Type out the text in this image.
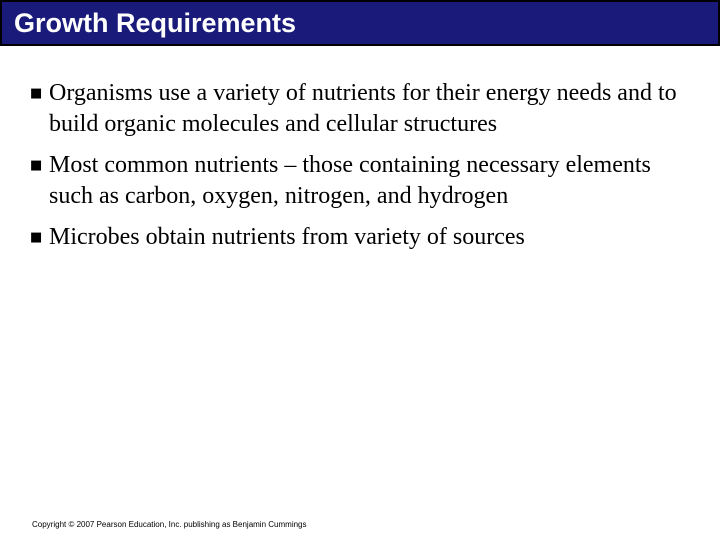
Growth Requirements
■ Organisms use a variety of nutrients for their energy needs and to build organic molecules and cellular structures
■ Most common nutrients – those containing necessary elements such as carbon, oxygen, nitrogen, and hydrogen
■ Microbes obtain nutrients from variety of sources
Copyright © 2007 Pearson Education, Inc. publishing as Benjamin Cummings
